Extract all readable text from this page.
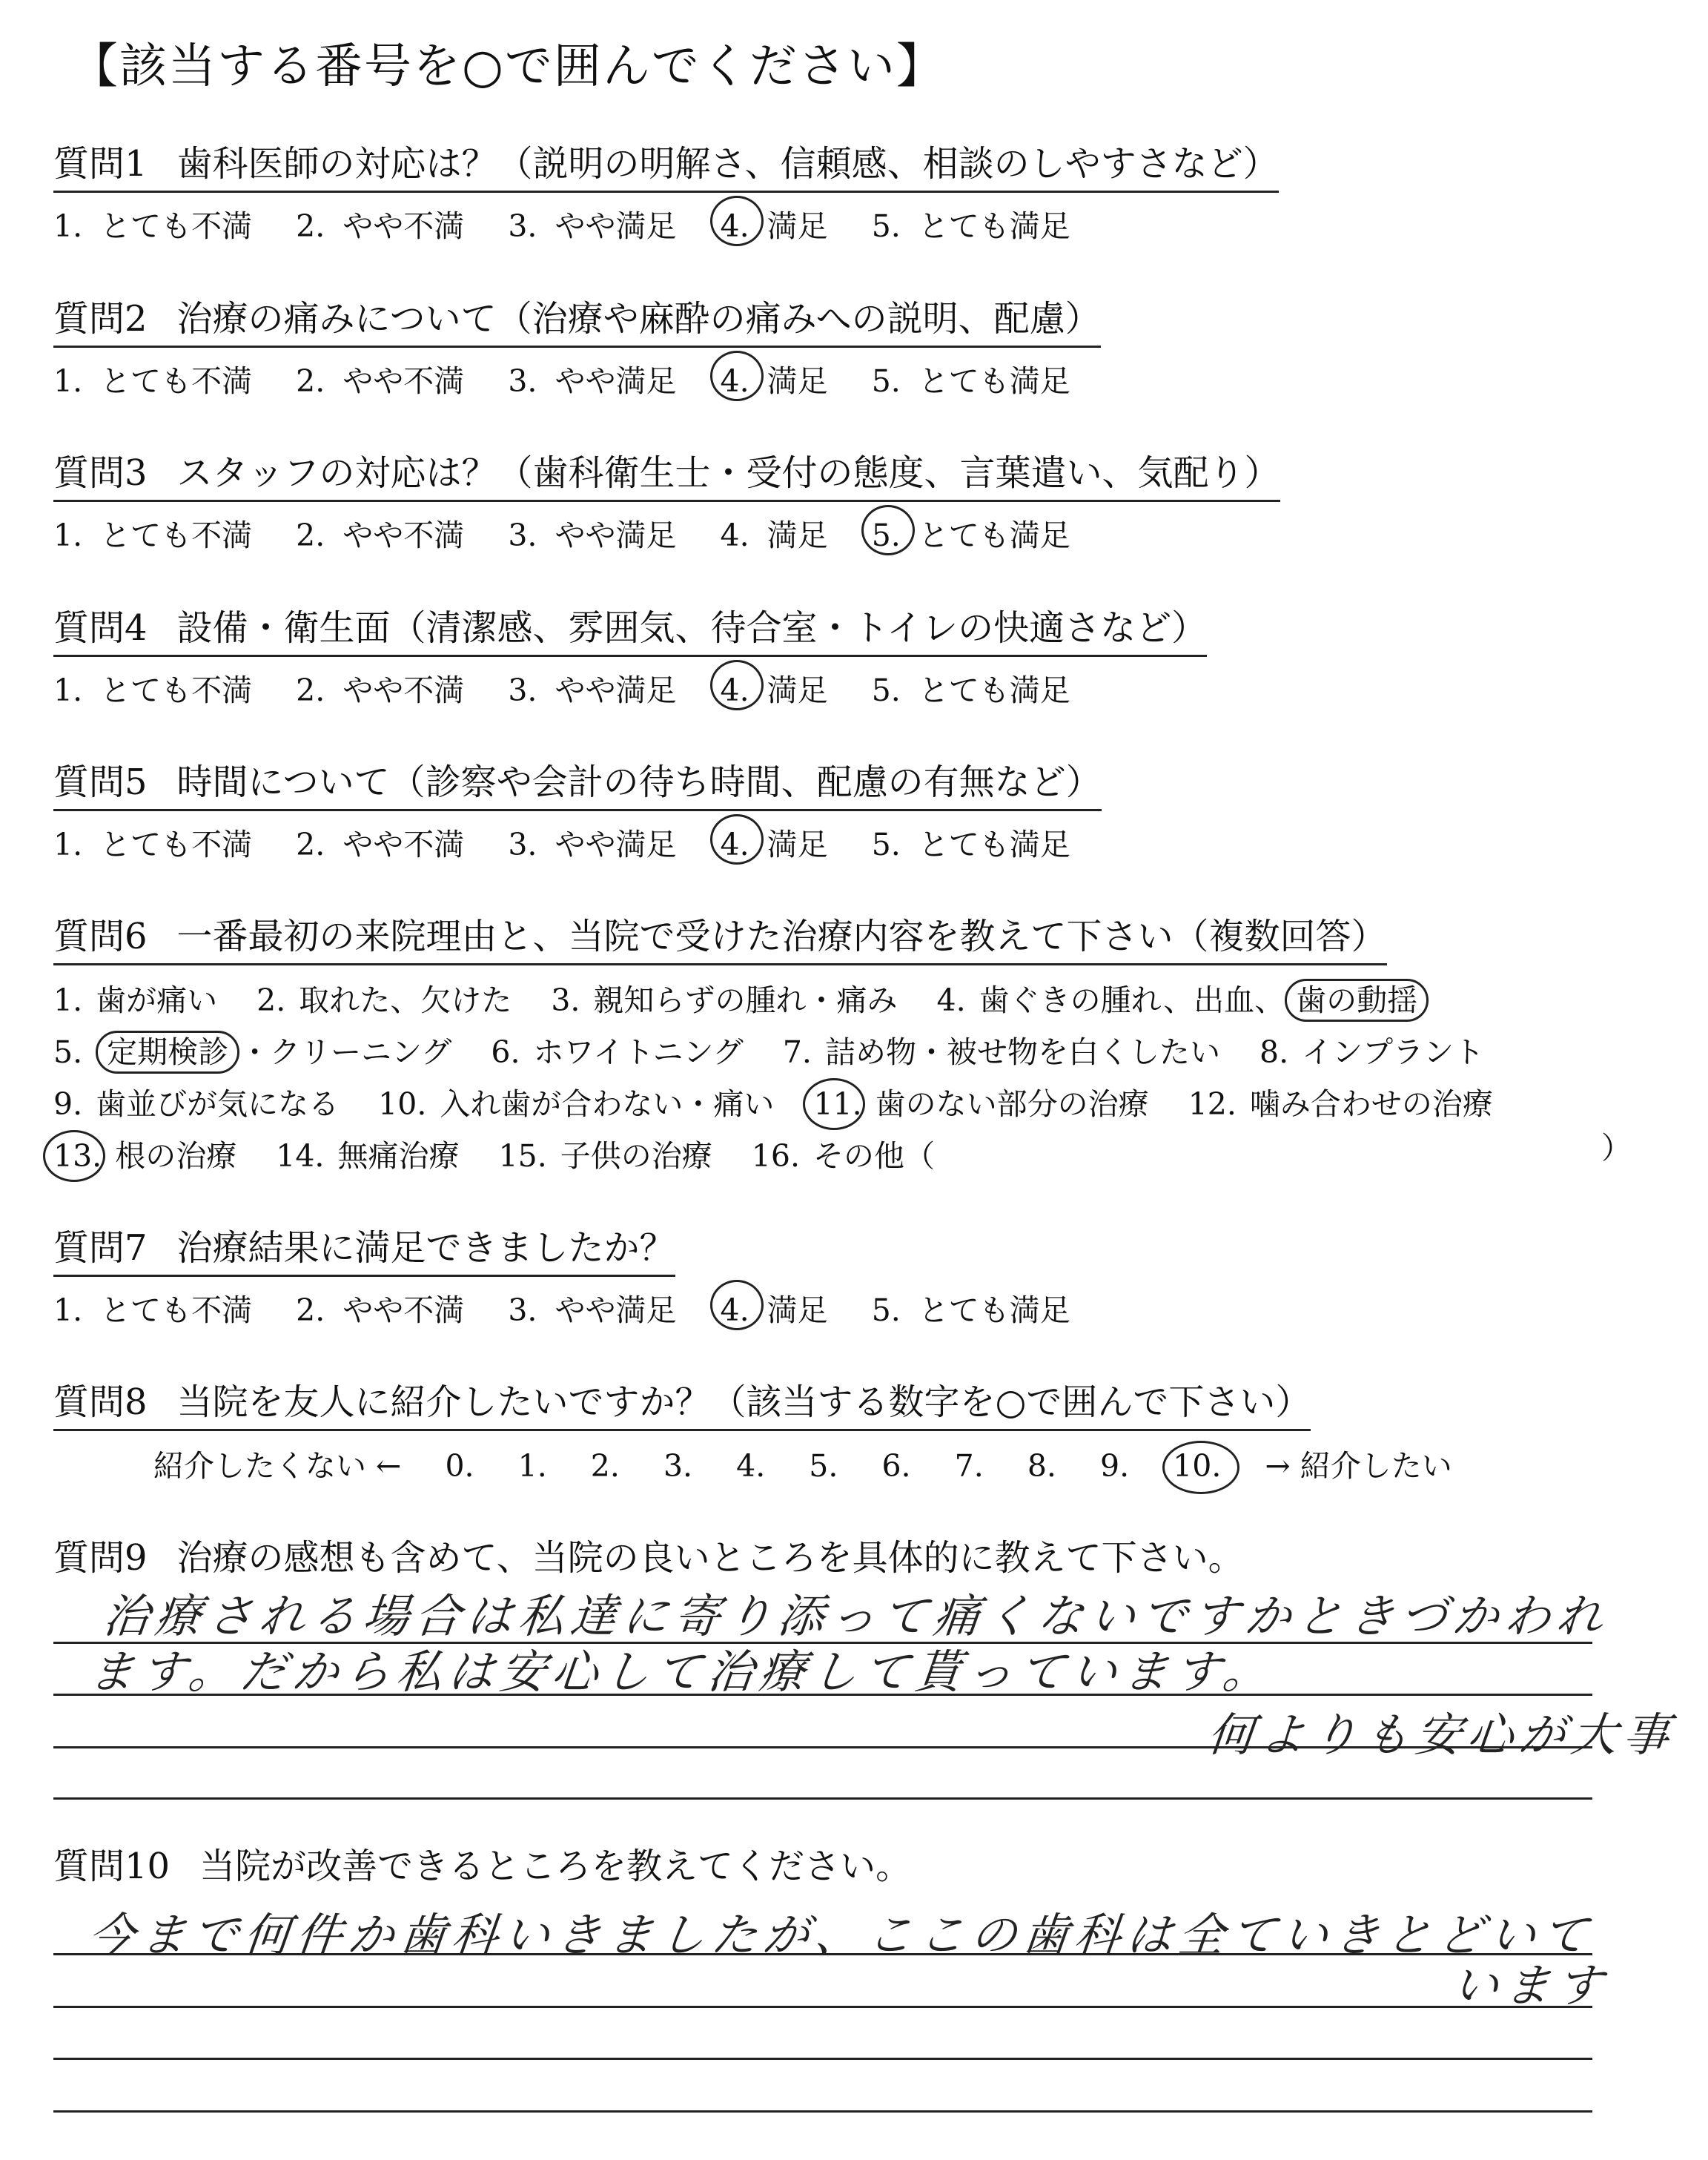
【該当する番号を○で囲んでください】
質問1 歯科医師の対応は？（説明の明解さ、信頼感、相談のしやすさなど）
1. とても不満 2. やや不満 3. やや満足 4. 満足 5. とても満足
質問2 治療の痛みについて（治療や麻酔の痛みへの説明、配慮）
1. とても不満 2. やや不満 3. やや満足 4. 満足 5. とても満足
質問3 スタッフの対応は？（歯科衛生士・受付の態度、言葉遣い、気配り）
1. とても不満 2. やや不満 3. やや満足 4. 満足 5. とても満足
質問4 設備・衛生面（清潔感、雰囲気、待合室・トイレの快適さなど）
1. とても不満 2. やや不満 3. やや満足 4. 満足 5. とても満足
質問5 時間について（診察や会計の待ち時間、配慮の有無など）
1. とても不満 2. やや不満 3. やや満足 4. 満足 5. とても満足
質問6 一番最初の来院理由と、当院で受けた治療内容を教えて下さい（複数回答）
1. 歯が痛い 2. 取れた、欠けた 3. 親知らずの腫れ・痛み 4. 歯ぐきの腫れ、出血、 歯の動揺
5. 定期検診 ・クリーニング 6. ホワイトニング 7. 詰め物・被せ物を白くしたい 8. インプラント
9. 歯並びが気になる 10. 入れ歯が合わない・痛い 11. 歯のない部分の治療 12. 噛み合わせの治療
13. 根の治療 14. 無痛治療 15. 子供の治療 16. その他（	）
質問7 治療結果に満足できましたか？
1. とても不満 2. やや不満 3. やや満足 4. 満足 5. とても満足
質問8 当院を友人に紹介したいですか？（該当する数字を○で囲んで下さい）
紹介したくない ← 0. 1. 2. 3. 4. 5. 6. 7. 8. 9. 10. → 紹介したい
質問9 治療の感想も含めて、当院の良いところを具体的に教えて下さい。
治療される場合は私達に寄り添って痛くないですかときづかわれ
ます。だから私は安心して治療して貰っています。
何よりも安心が大事
質問10 当院が改善できるところを教えてください。
今まで何件か歯科いきましたが、ここの歯科は全ていきとどいて
います
